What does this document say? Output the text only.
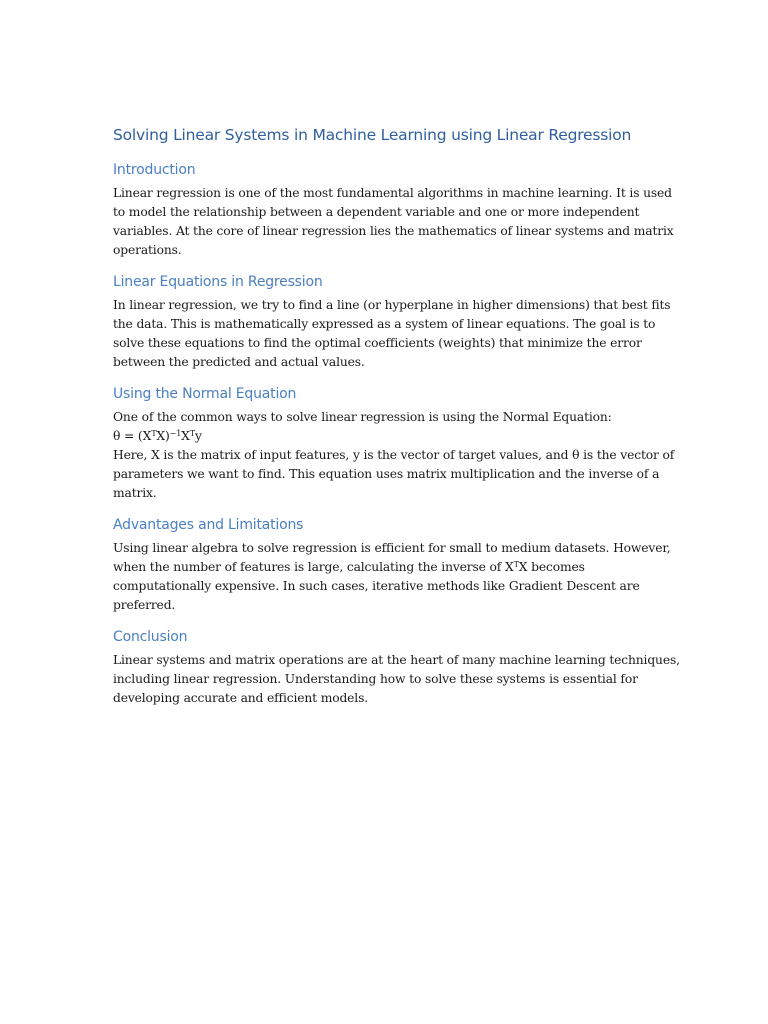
Solving Linear Systems in Machine Learning using Linear Regression
Introduction

Linear regression is one of the most fundamental algorithms in machine learning. It is used
to model the relationship between a dependent variable and one or more independent
variables. At the core of linear regression lies the mathematics of linear systems and matrix
operations.

Linear Equations in Regression

In linear regression, we try to find a line (or hyperplane in higher dimensions) that best fits
the data. This is mathematically expressed as a system of linear equations. The goal is to
solve these equations to find the optimal coefficients (weights) that minimize the error
between the predicted and actual values.

Using the Normal Equation

One of the common ways to solve linear regression is using the Normal Equation:
$\theta = (X^TX)^{-1}X^Ty$
Here, X is the matrix of input features, y is the vector of target values, and θ is the vector of
parameters we want to find. This equation uses matrix multiplication and the inverse of a
matrix.

Advantages and Limitations

Using linear algebra to solve regression is efficient for small to medium datasets. However,
when the number of features is large, calculating the inverse of $X^TX$ becomes
computationally expensive. In such cases, iterative methods like Gradient Descent are
preferred.

Conclusion

Linear systems and matrix operations are at the heart of many machine learning techniques,
including linear regression. Understanding how to solve these systems is essential for
developing accurate and efficient models.
